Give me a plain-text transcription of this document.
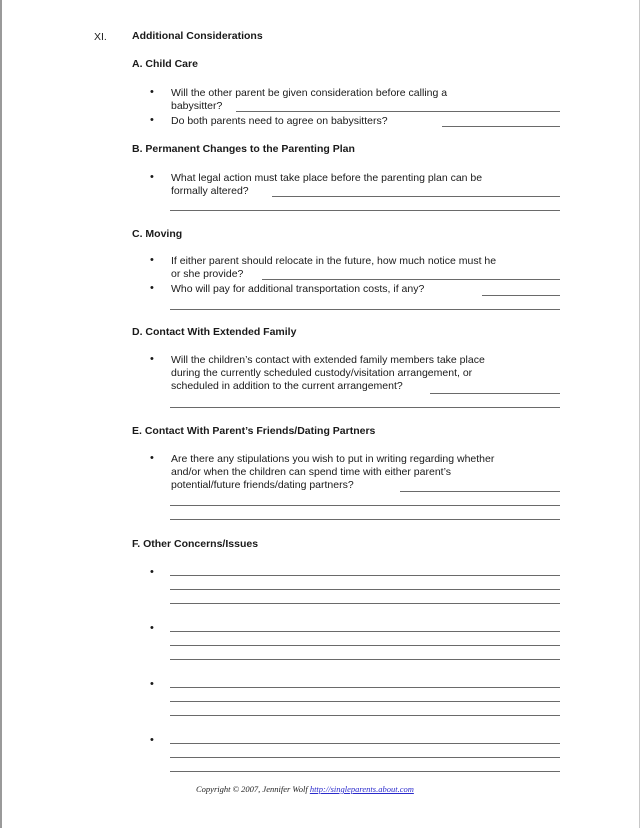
XI. Additional Considerations
A. Child Care
• Will the other parent be given consideration before calling a
babysitter?
• Do both parents need to agree on babysitters?
B. Permanent Changes to the Parenting Plan
• What legal action must take place before the parenting plan can be
formally altered?
C. Moving
• If either parent should relocate in the future, how much notice must he
or she provide?
• Who will pay for additional transportation costs, if any?
D. Contact With Extended Family
• Will the children’s contact with extended family members take place
during the currently scheduled custody/visitation arrangement, or
scheduled in addition to the current arrangement?
E. Contact With Parent’s Friends/Dating Partners
• Are there any stipulations you wish to put in writing regarding whether
and/or when the children can spend time with either parent’s
potential/future friends/dating partners?
F. Other Concerns/Issues
•
•
•
•
Copyright © 2007, Jennifer Wolf http://singleparents.about.com
